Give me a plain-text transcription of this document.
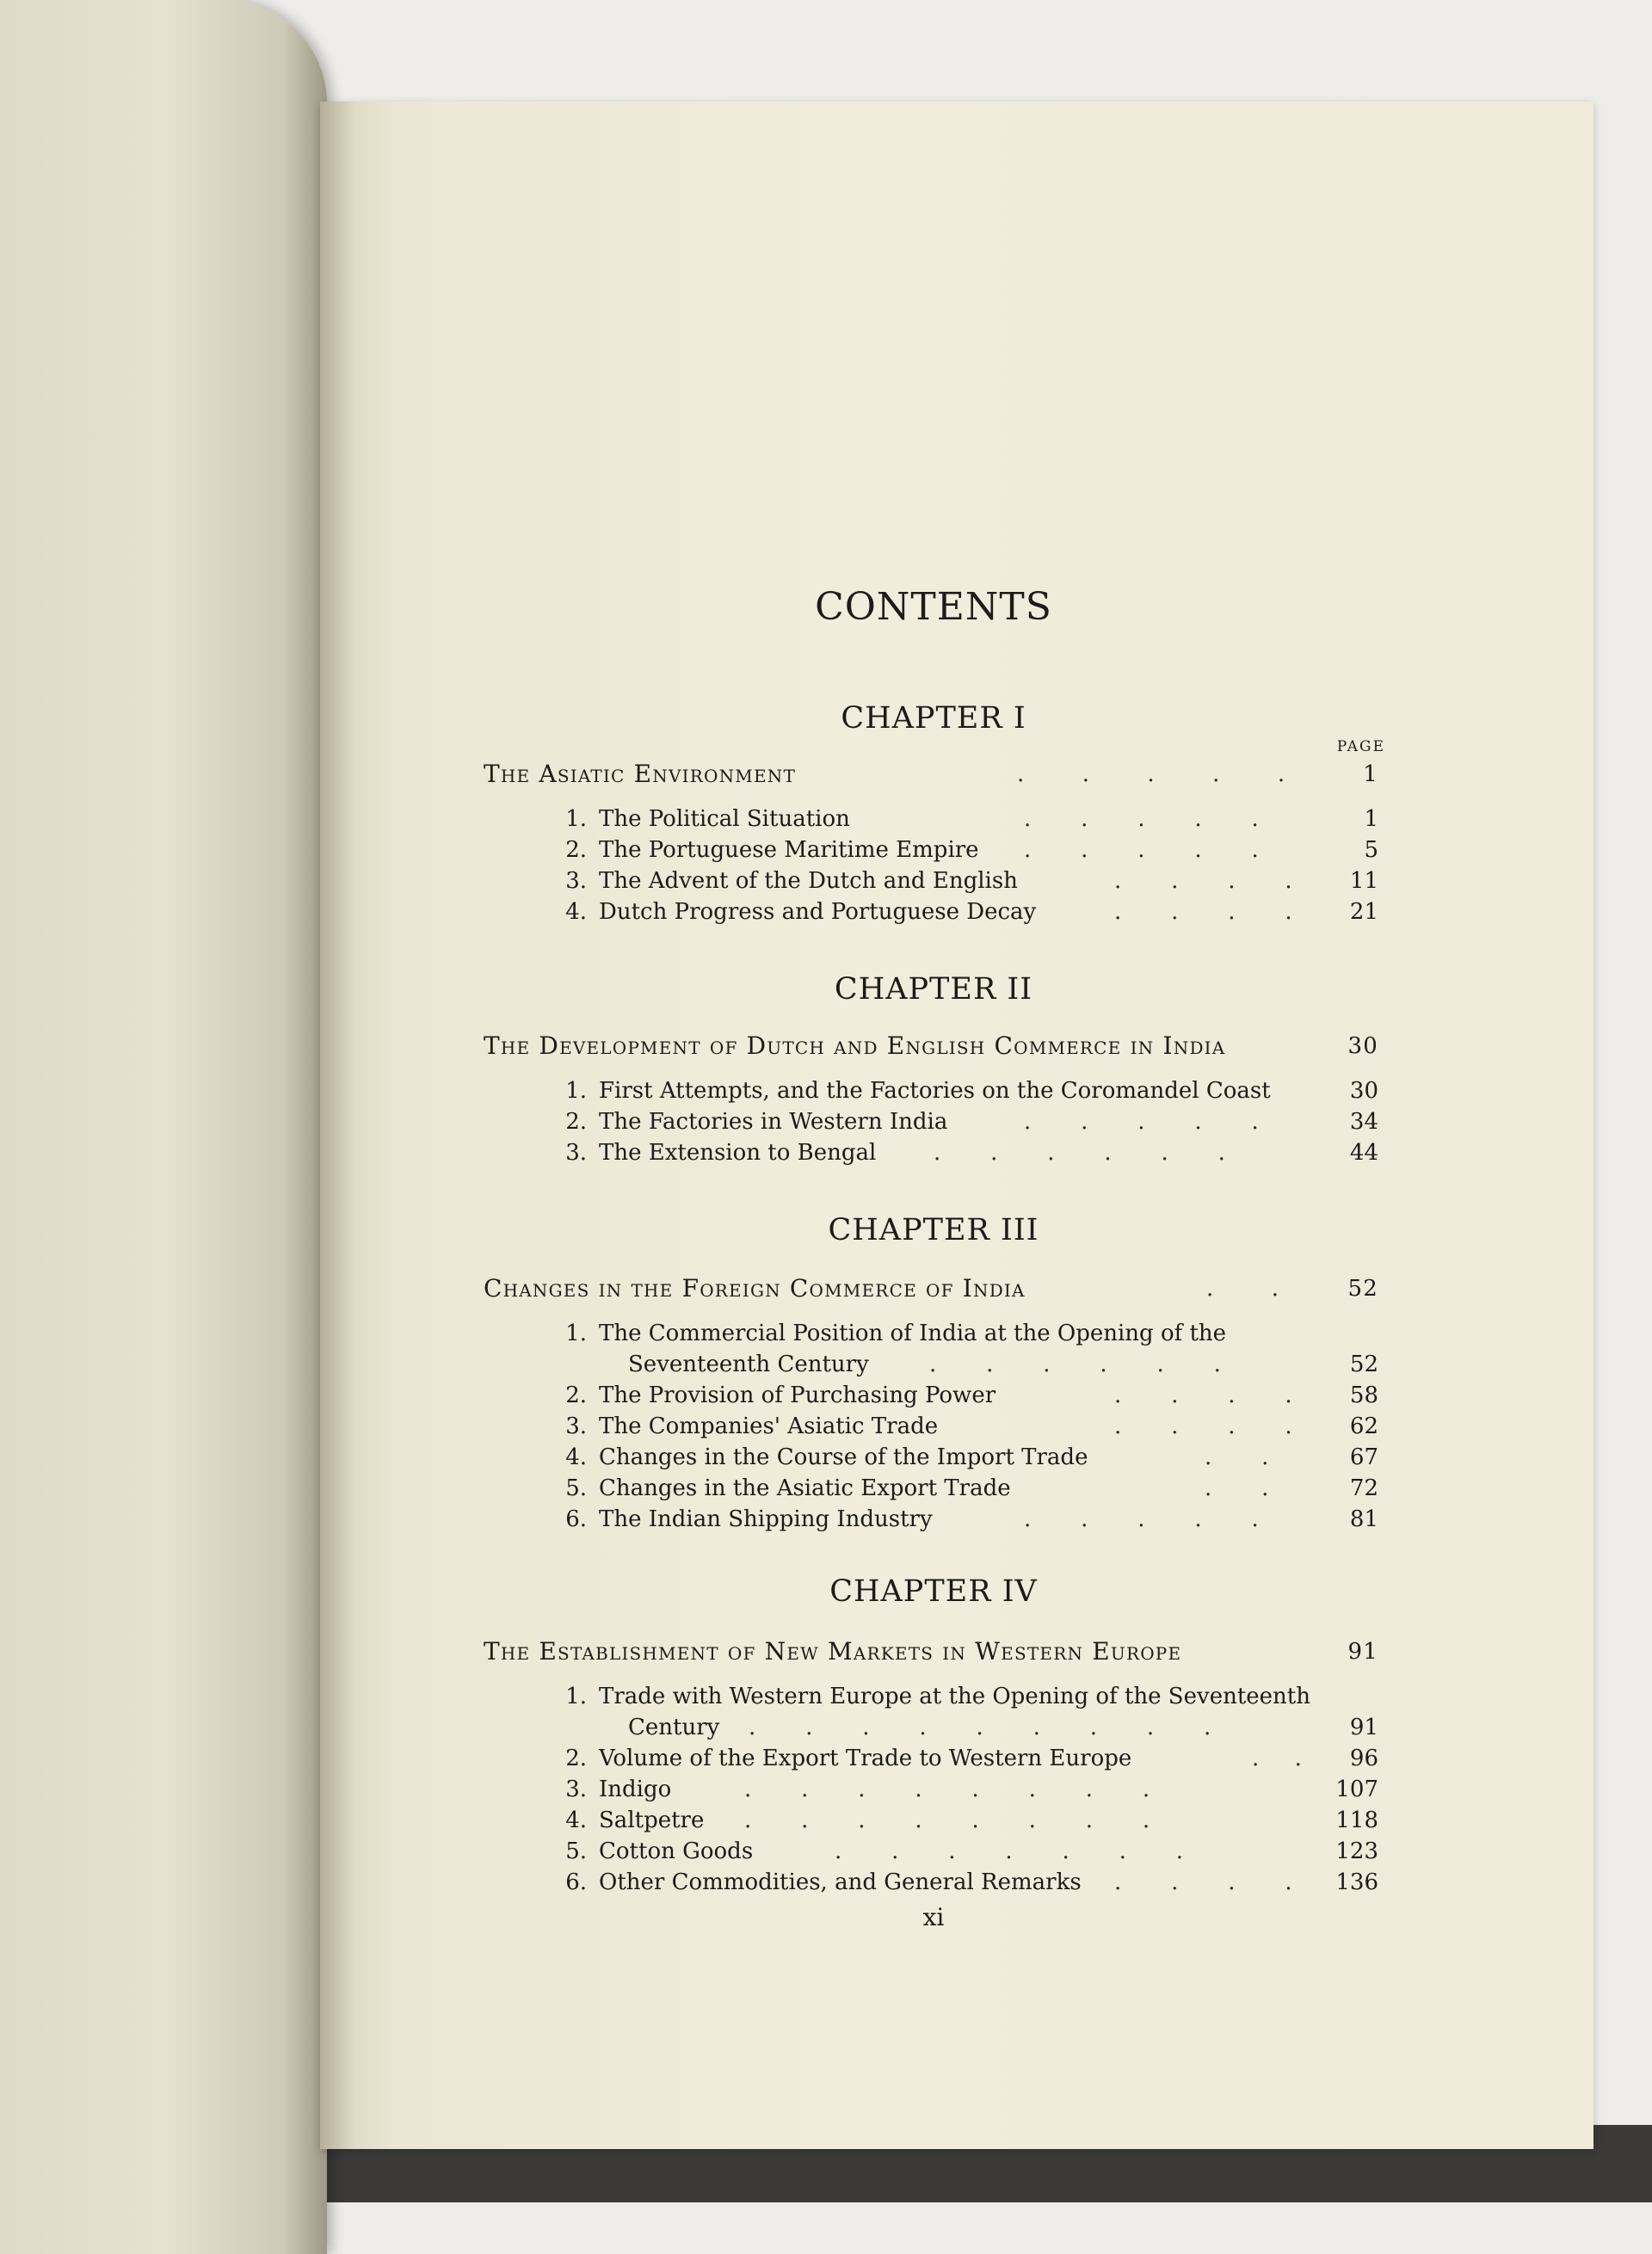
CONTENTS
CHAPTER I
PAGE
The Asiatic Environment	.       .       .       .       .	1
1. The Political Situation	.       .       .       .       .	1
2. The Portuguese Maritime Empire .       .       .       .       .	5
3. The Advent of the Dutch and English	.       .       .       .	11
4. Dutch Progress and Portuguese Decay	.       .       .       .	21
CHAPTER II
The Development of Dutch and English Commerce in India	30
1. First Attempts, and the Factories on the Coromandel Coast	30
2. The Factories in Western India	.       .       .       .       .	34
3. The Extension to Bengal	.       .       .       .       .       .	44
CHAPTER III
Changes in the Foreign Commerce of India	.       .	52
1. The Commercial Position of India at the Opening of the
Seventeenth Century	.       .       .       .       .       .	52
2. The Provision of Purchasing Power	.       .       .       .	58
3. The Companies' Asiatic Trade	.       .       .       .	62
4. Changes in the Course of the Import Trade	.       .	67
5. Changes in the Asiatic Export Trade	.       .	72
6. The Indian Shipping Industry	.       .       .       .       .	81
CHAPTER IV
The Establishment of New Markets in Western Europe	91
1. Trade with Western Europe at the Opening of the Seventeenth
Century .       .       .       .       .       .       .       .       .	91
2. Volume of the Export Trade to Western Europe	.     .	96
3. Indigo	.       .       .       .       .       .       .       .	107
4. Saltpetre .       .       .       .       .       .       .       .	118
5. Cotton Goods	.       .       .       .       .       .       .	123
6. Other Commodities, and General Remarks .       .       .       .	136
xi
